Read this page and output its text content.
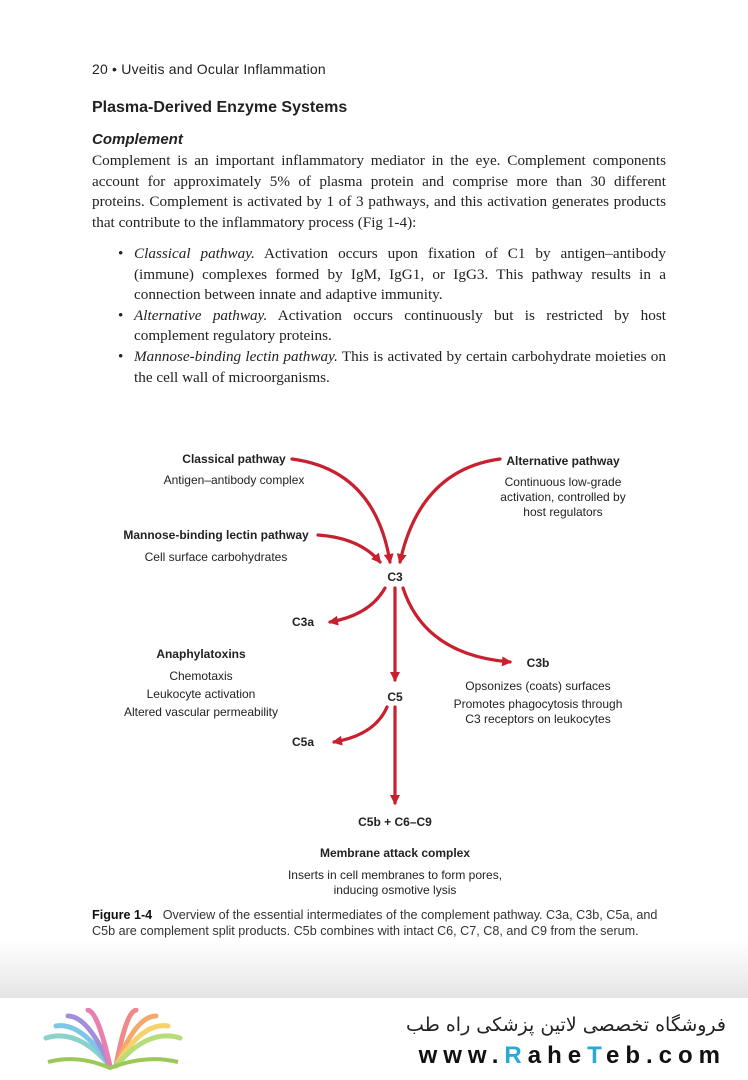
20 • Uveitis and Ocular Inflammation
Plasma-Derived Enzyme Systems
Complement
Complement is an important inflammatory mediator in the eye. Complement components account for approximately 5% of plasma protein and comprise more than 30 different proteins. Complement is activated by 1 of 3 pathways, and this activation generates products that contribute to the inflammatory process (Fig 1-4):
• Classical pathway. Activation occurs upon fixation of C1 by antigen–antibody (immune) complexes formed by IgM, IgG1, or IgG3. This pathway results in a connection between innate and adaptive immunity.
• Alternative pathway. Activation occurs continuously but is restricted by host complement regulatory proteins.
• Mannose-binding lectin pathway. This is activated by certain carbohydrate moieties on the cell wall of microorganisms.
Classical pathway
Antigen–antibody complex
Alternative pathway
Continuous low-grade
activation, controlled by
host regulators
Mannose-binding lectin pathway
Cell surface carbohydrates
C3
C3a
Anaphylatoxins
Chemotaxis
Leukocyte activation
Altered vascular permeability
C3b
Opsonizes (coats) surfaces
Promotes phagocytosis through
C3 receptors on leukocytes
C5
C5a
C5b + C6–C9
Membrane attack complex
Inserts in cell membranes to form pores,
inducing osmotive lysis
Figure 1-4 Overview of the essential intermediates of the complement pathway. C3a, C3b, C5a, and C5b are complement split products. C5b combines with intact C6, C7, C8, and C9 from the serum.
فروشگاه تخصصی لاتین پزشکی راه طب
www.RaheTeb.com
